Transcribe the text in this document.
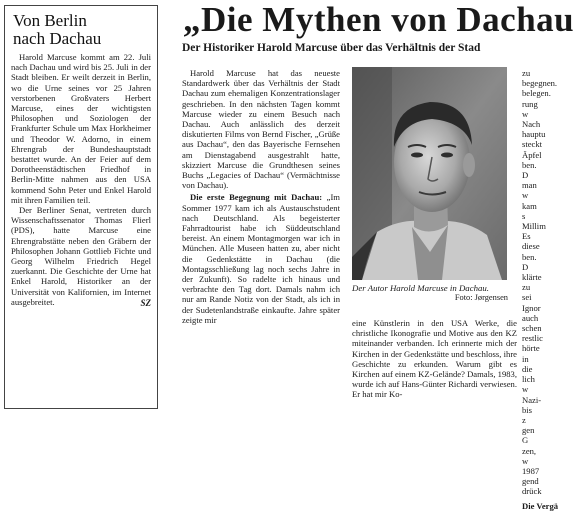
Von Berlin
nach Dachau

Harold Marcuse kommt am 22. Juli nach Dachau und wird bis 25. Juli in der Stadt bleiben. Er weilt derzeit in Berlin, wo die Urne seines vor 25 Jahren verstorbenen Großvaters Herbert Marcuse, eines der wichtigsten Philosophen und Soziologen der Frankfurter Schule um Max Horkheimer und Theodor W. Adorno, in einem Ehrengrab der Bundeshauptstadt bestattet wurde. An der Feier auf dem Dorotheenstädtischen Friedhof in Berlin-Mitte nahmen aus den USA kommend Sohn Peter und Enkel Harold mit ihren Familien teil.

Der Berliner Senat, vertreten durch Wissenschaftssenator Thomas Flierl (PDS), hatte Marcuse eine Ehrengrabstätte neben den Gräbern der Philosophen Johann Gottlieb Fichte und Georg Wilhelm Friedrich Hegel zuerkannt. Die Geschichte der Urne hat Enkel Harold, Historiker an der Universität von Kalifornien, im Internet ausgebreitet.	SZ
„Die Mythen von Dachau
Der Historiker Harold Marcuse über das Verhältnis der Stad

Harold Marcuse hat das neueste Standardwerk über das Verhältnis der Stadt Dachau zum ehemaligen Konzentrationslager geschrieben. In den nächsten Tagen kommt Marcuse wieder zu einem Besuch nach Dachau. Auch anlässlich des derzeit diskutierten Films von Bernd Fischer, „Grüße aus Dachau“, den das Bayerische Fernsehen am Dienstagabend ausgestrahlt hatte, skizziert Marcuse die Grundthesen seines Buchs „Legacies of Dachau“ (Vermächtnisse von Dachau).

Die erste Begegnung mit Dachau: „Im Sommer 1977 kam ich als Austauschstudent nach Deutschland. Als begeisterter Fahrradtourist habe ich Süddeutschland bereist. An einem Montagmorgen war ich in München. Alle Museen hatten zu, aber nicht die Gedenkstätte in Dachau (die Montagsschließung lag noch sechs Jahre in der Zukunft). So radelte ich hinaus und verbrachte den Tag dort. Damals nahm ich nur am Rande Notiz von der Stadt, als ich in der Sudetenlandstraße einkaufte. Jahre später zeigte mir

Der Autor Harold Marcuse in Dachau.
Foto: Jørgensen

eine Künstlerin in den USA Werke, die christliche Ikonografie und Motive aus den KZ miteinander verbanden. Ich erinnerte mich der Kirchen in der Gedenkstätte und beschloss, ihre Geschichte zu erkunden. Warum gibt es Kirchen auf einem KZ-Gelände? Damals, 1983, wurde ich auf Hans-Günter Richardi verwiesen. Er hat mir Ko-

zu begegnen. belegen. rung w Nach hauptu steckt Äpfel ben. D man w kam s Millim Es diese ben. D klärte zu sei Ignor auch schen restlic hörte in die lich w Nazi- bis z gen G zen, w 1987 gend drück

Die Vergä
